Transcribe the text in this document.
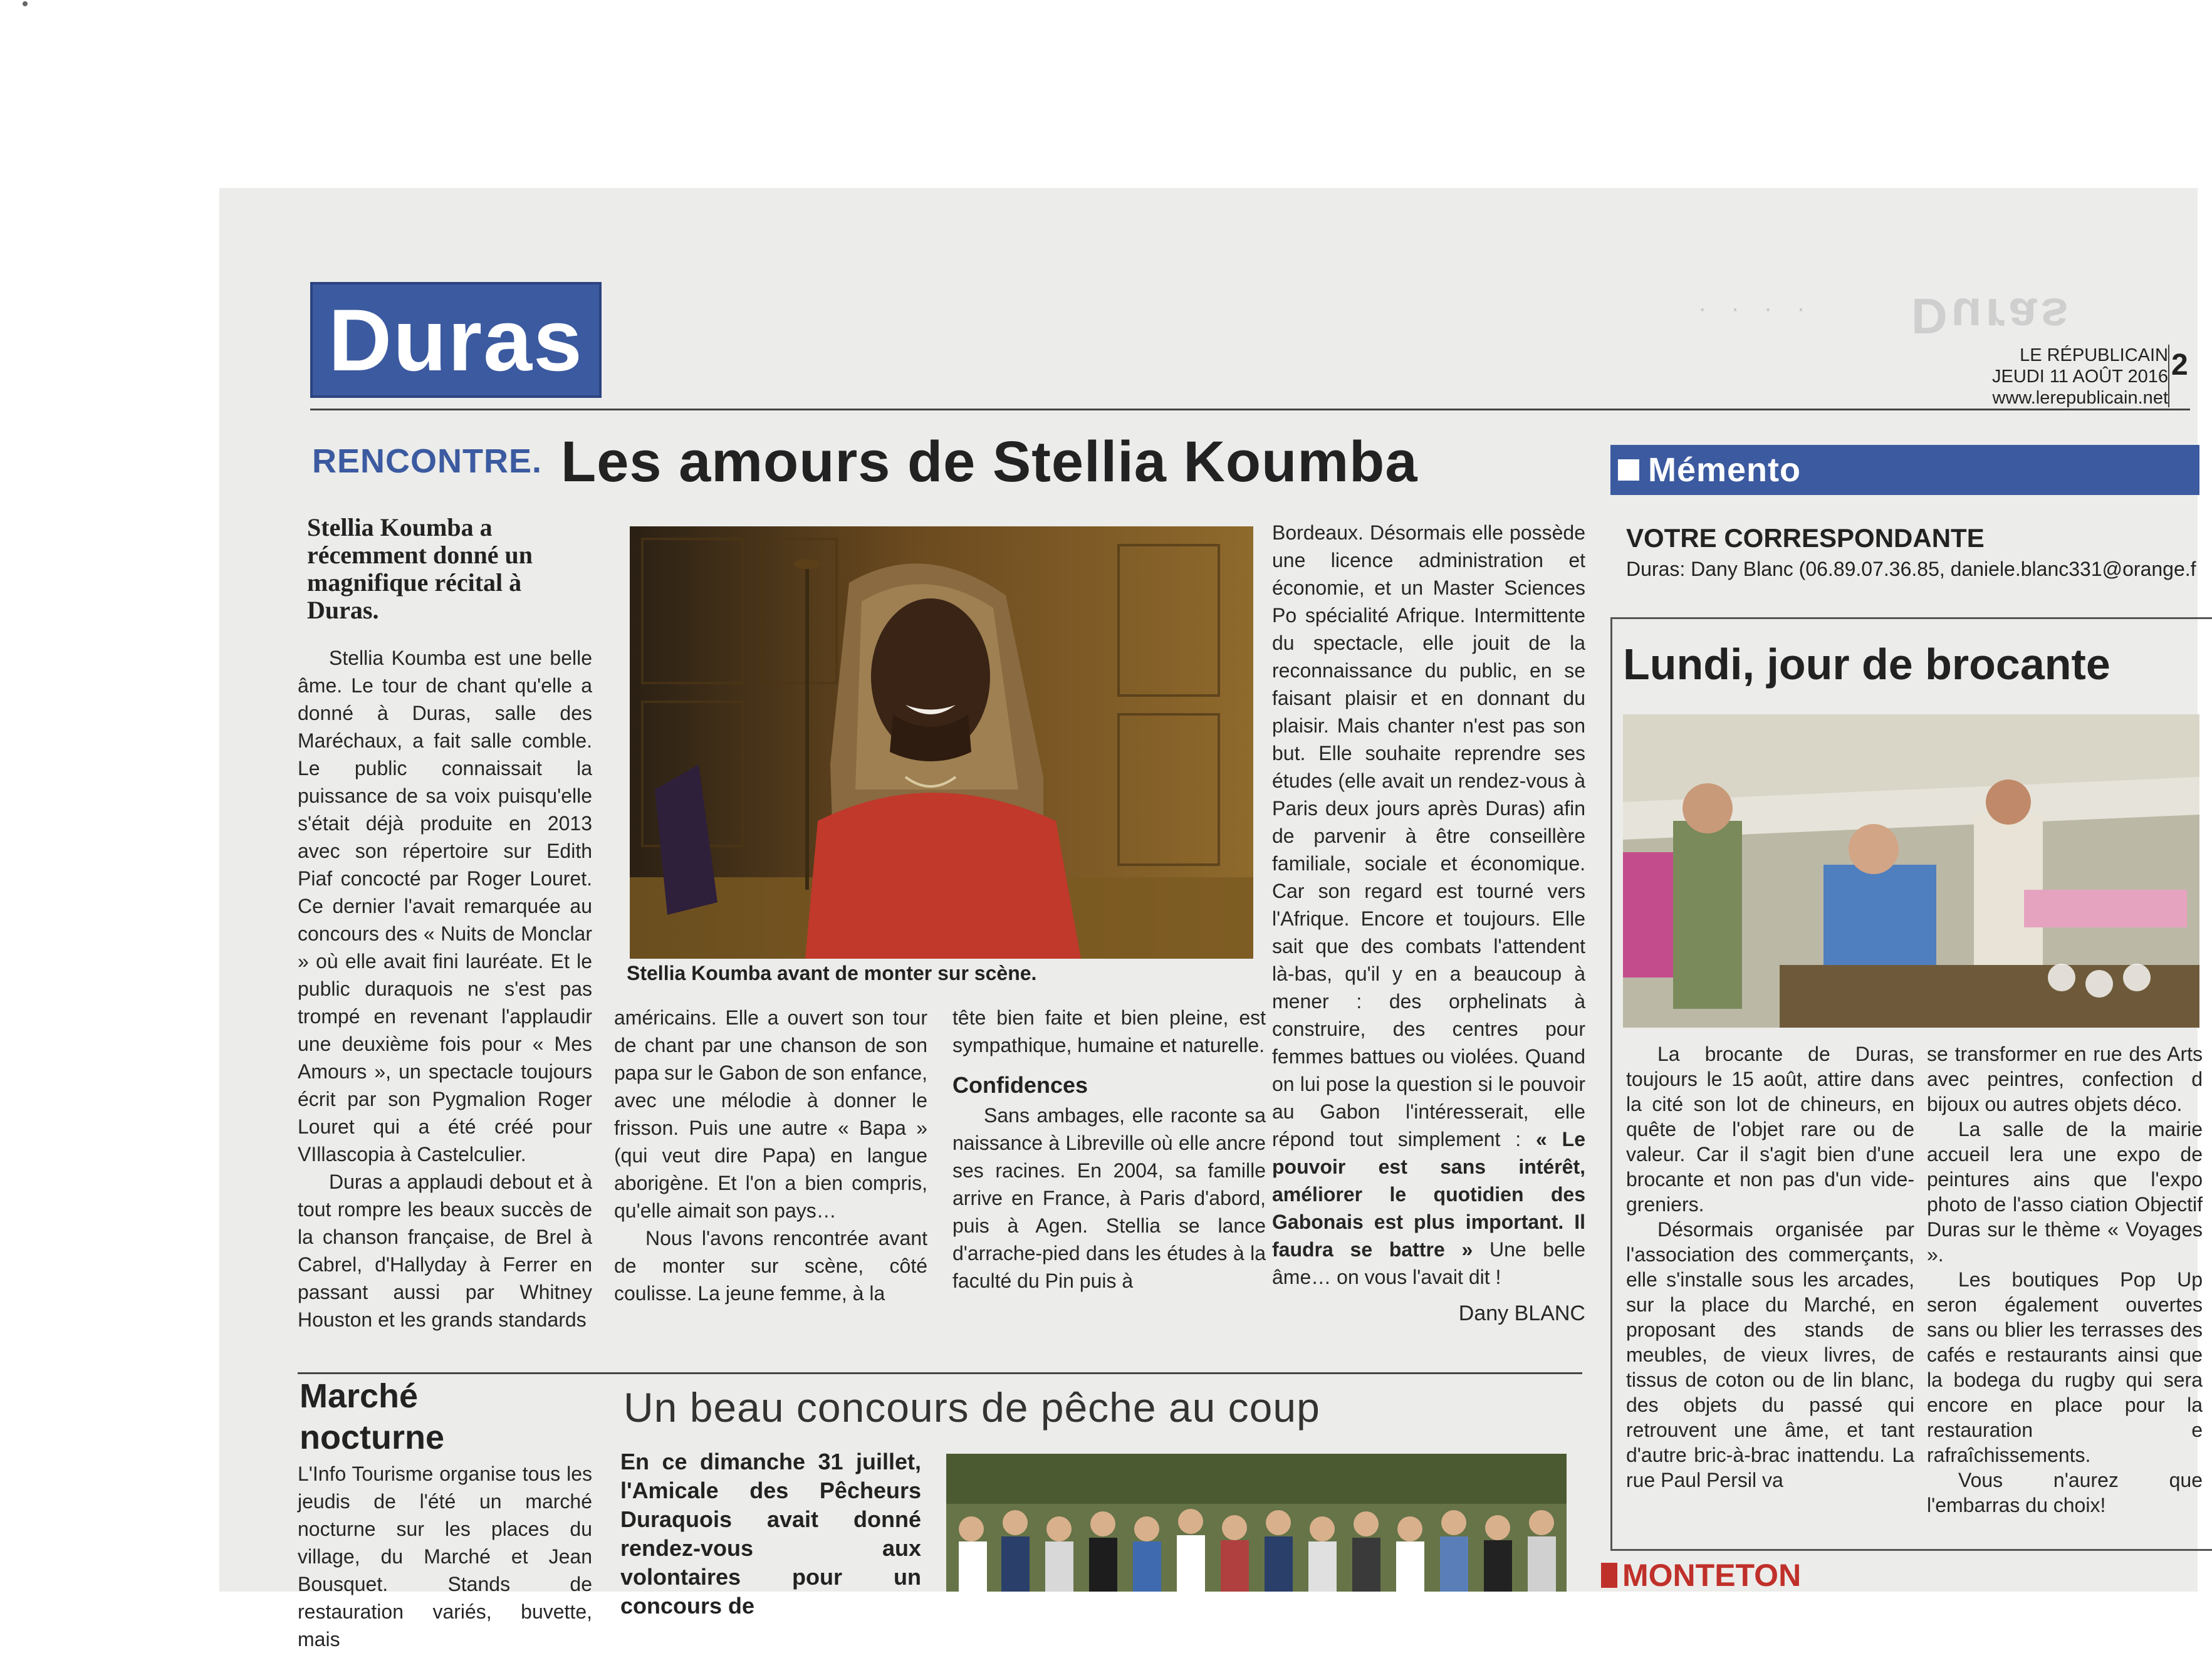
· · · · Duras
Duras	LE RÉPUBLICAIN
JEUDI 11 AOÛT 2016
www.lerepublicain.net
2
RENCONTRE. Les amours de Stellia Koumba
Stellia Koumba a récemment donné un magnifique récital à Duras.

Stellia Koumba est une belle âme. Le tour de chant qu'elle a donné à Duras, salle des Maréchaux, a fait salle comble. Le public connaissait la puissance de sa voix puisqu'elle s'était déjà produite en 2013 avec son répertoire sur Edith Piaf concocté par Roger Louret. Ce dernier l'avait remarquée au concours des « Nuits de Monclar » où elle avait fini lauréate. Et le public duraquois ne s'est pas trompé en revenant l'applaudir une deuxième fois pour « Mes Amours », un spectacle toujours écrit par son Pygmalion Roger Louret qui a été créé pour VIllascopia à Castelculier.

Duras a applaudi debout et à tout rompre les beaux succès de la chanson française, de Brel à Cabrel, d'Hallyday à Ferrer en passant aussi par Whitney Houston et les grands standards

Stellia Koumba avant de monter sur scène.

américains. Elle a ouvert son tour de chant par une chanson de son papa sur le Gabon de son enfance, avec une mélodie à donner le frisson. Puis une autre « Bapa » (qui veut dire Papa) en langue aborigène. Et l'on a bien compris, qu'elle aimait son pays…

Nous l'avons rencontrée avant de monter sur scène, côté coulisse. La jeune femme, à la

tête bien faite et bien pleine, est sympathique, humaine et naturelle.

Confidences

Sans ambages, elle raconte sa naissance à Libreville où elle ancre ses racines. En 2004, sa famille arrive en France, à Paris d'abord, puis à Agen. Stellia se lance d'arrache-pied dans les études à la faculté du Pin puis à

Bordeaux. Désormais elle possède une licence administration et économie, et un Master Sciences Po spécialité Afrique. Intermittente du spectacle, elle jouit de la reconnaissance du public, en se faisant plaisir et en donnant du plaisir. Mais chanter n'est pas son but. Elle souhaite reprendre ses études (elle avait un rendez-vous à Paris deux jours après Duras) afin de parvenir à être conseillère familiale, sociale et économique. Car son regard est tourné vers l'Afrique. Encore et toujours. Elle sait que des combats l'attendent là-bas, qu'il y en a beaucoup à mener : des orphelinats à construire, des centres pour femmes battues ou violées. Quand on lui pose la question si le pouvoir au Gabon l'intéresserait, elle répond tout simplement : « Le pouvoir est sans intérêt, améliorer le quotidien des Gabonais est plus important. Il faudra se battre » Une belle âme… on vous l'avait dit !

Dany BLANC
Marché nocturne

L'Info Tourisme organise tous les jeudis de l'été un marché nocturne sur les places du village, du Marché et Jean Bousquet. Stands de restauration variés, buvette, mais

Un beau concours de pêche au coup
En ce dimanche 31 juillet, l'Amicale des Pêcheurs Duraquois avait donné rendez-vous aux volontaires pour un concours de
Mémento
VOTRE CORRESPONDANTE
Duras: Dany Blanc (06.89.07.36.85, daniele.blanc331@orange.f
Lundi, jour de brocante

La brocante de Duras, toujours le 15 août, attire dans la cité son lot de chineurs, en quête de l'objet rare ou de valeur. Car il s'agit bien d'une brocante et non pas d'un vide-greniers.

Désormais organisée par l'association des commerçants, elle s'installe sous les arcades, sur la place du Marché, en proposant des stands de meubles, de vieux livres, de tissus de coton ou de lin blanc, des objets du passé qui retrouvent une âme, et tant d'autre bric-à-brac inattendu. La rue Paul Persil va

se transformer en rue des Arts avec peintres, confection d bijoux ou autres objets déco.

La salle de la mairie accueil lera une expo de peintures ains que l'expo photo de l'asso ciation Objectif Duras sur le thème « Voyages ».

Les boutiques Pop Up seron également ouvertes sans ou blier les terrasses des cafés e restaurants ainsi que la bodega du rugby qui sera encore en place pour la restauration e rafraîchissements.

Vous n'aurez que l'embarras du choix!

MONTETON
